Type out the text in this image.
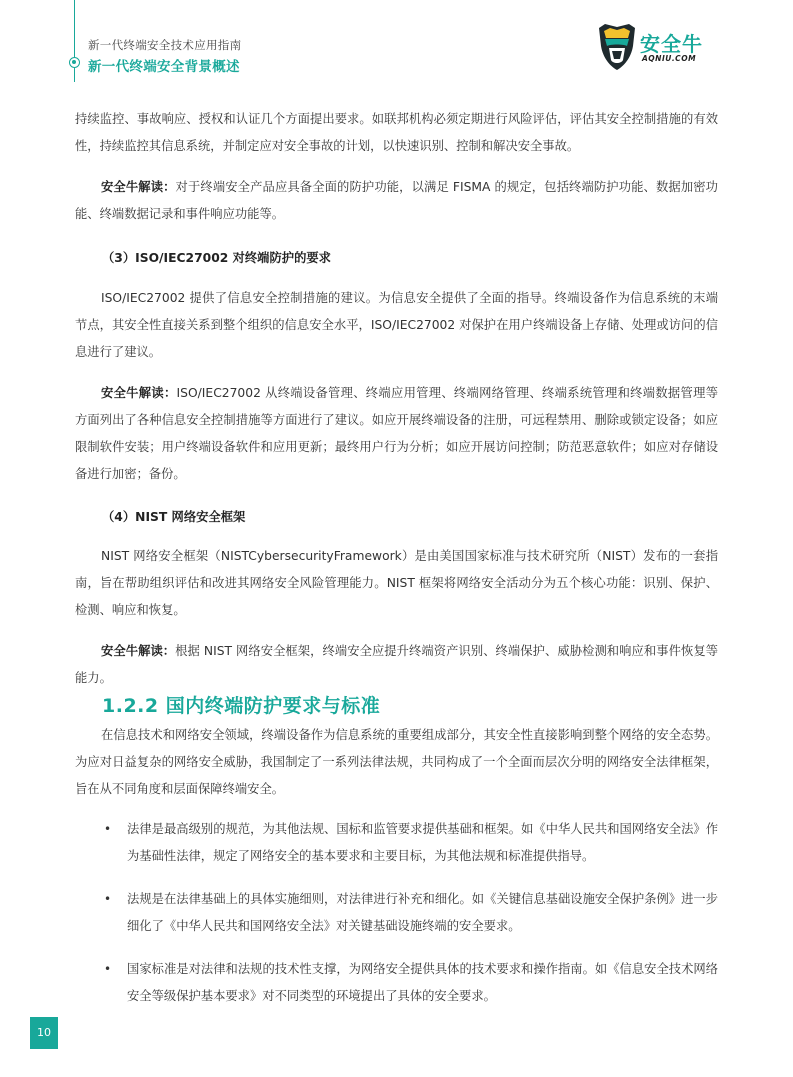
新一代终端安全技术应用指南
新一代终端安全背景概述
安全牛
AQNIU.COM
持续监控、事故响应、授权和认证几个方面提出要求。如联邦机构必须定期进行风险评估，评估其安全控制措施的有效性，持续监控其信息系统，并制定应对安全事故的计划，以快速识别、控制和解决安全事故。
安全牛解读：对于终端安全产品应具备全面的防护功能，以满足 FISMA 的规定，包括终端防护功能、数据加密功能、终端数据记录和事件响应功能等。
（3）ISO/IEC27002 对终端防护的要求
ISO/IEC27002 提供了信息安全控制措施的建议。为信息安全提供了全面的指导。终端设备作为信息系统的末端节点，其安全性直接关系到整个组织的信息安全水平，ISO/IEC27002 对保护在用户终端设备上存储、处理或访问的信息进行了建议。
安全牛解读：ISO/IEC27002 从终端设备管理、终端应用管理、终端网络管理、终端系统管理和终端数据管理等方面列出了各种信息安全控制措施等方面进行了建议。如应开展终端设备的注册，可远程禁用、删除或锁定设备；如应限制软件安装；用户终端设备软件和应用更新；最终用户行为分析；如应开展访问控制；防范恶意软件；如应对存储设备进行加密；备份。
（4）NIST 网络安全框架
NIST 网络安全框架（NISTCybersecurityFramework）是由美国国家标准与技术研究所（NIST）发布的一套指南，旨在帮助组织评估和改进其网络安全风险管理能力。NIST 框架将网络安全活动分为五个核心功能：识别、保护、检测、响应和恢复。
安全牛解读：根据 NIST 网络安全框架，终端安全应提升终端资产识别、终端保护、威胁检测和响应和事件恢复等能力。
1.2.2 国内终端防护要求与标准
在信息技术和网络安全领域，终端设备作为信息系统的重要组成部分，其安全性直接影响到整个网络的安全态势。为应对日益复杂的网络安全威胁，我国制定了一系列法律法规，共同构成了一个全面而层次分明的网络安全法律框架，旨在从不同角度和层面保障终端安全。
• 法律是最高级别的规范，为其他法规、国标和监管要求提供基础和框架。如《中华人民共和国网络安全法》作为基础性法律，规定了网络安全的基本要求和主要目标，为其他法规和标准提供指导。
• 法规是在法律基础上的具体实施细则，对法律进行补充和细化。如《关键信息基础设施安全保护条例》进一步细化了《中华人民共和国网络安全法》对关键基础设施终端的安全要求。
• 国家标准是对法律和法规的技术性支撑，为网络安全提供具体的技术要求和操作指南。如《信息安全技术网络安全等级保护基本要求》对不同类型的环境提出了具体的安全要求。
10
